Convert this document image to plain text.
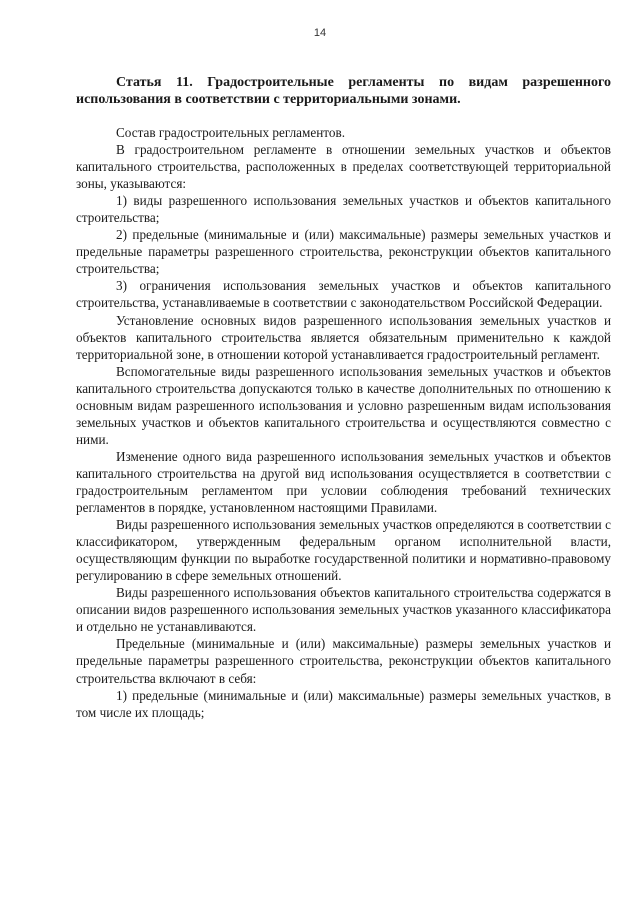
14
Статья 11. Градостроительные регламенты по видам разрешенного использования в соответствии с территориальными зонами.

Состав градостроительных регламентов.

В градостроительном регламенте в отношении земельных участков и объектов капитального строительства, расположенных в пределах соответствующей территориальной зоны, указываются:

1) виды разрешенного использования земельных участков и объектов капитального строительства;

2) предельные (минимальные и (или) максимальные) размеры земельных участков и предельные параметры разрешенного строительства, реконструкции объектов капитального строительства;

3) ограничения использования земельных участков и объектов капитального строительства, устанавливаемые в соответствии с законодательством Российской Федерации.

Установление основных видов разрешенного использования земельных участков и объектов капитального строительства является обязательным применительно к каждой территориальной зоне, в отношении которой устанавливается градостроительный регламент.

Вспомогательные виды разрешенного использования земельных участков и объектов капитального строительства допускаются только в качестве дополнительных по отношению к основным видам разрешенного использования и условно разрешенным видам использования земельных участков и объектов капитального строительства и осуществляются совместно с ними.

Изменение одного вида разрешенного использования земельных участков и объектов капитального строительства на другой вид использования осуществляется в соответствии с градостроительным регламентом при условии соблюдения требований технических регламентов в порядке, установленном настоящими Правилами.

Виды разрешенного использования земельных участков определяются в соответствии с классификатором, утвержденным федеральным органом исполнительной власти, осуществляющим функции по выработке государственной политики и нормативно-правовому регулированию в сфере земельных отношений.

Виды разрешенного использования объектов капитального строительства содержатся в описании видов разрешенного использования земельных участков указанного классификатора и отдельно не устанавливаются.

Предельные (минимальные и (или) максимальные) размеры земельных участков и предельные параметры разрешенного строительства, реконструкции объектов капитального строительства включают в себя:

1) предельные (минимальные и (или) максимальные) размеры земельных участков, в том числе их площадь;
